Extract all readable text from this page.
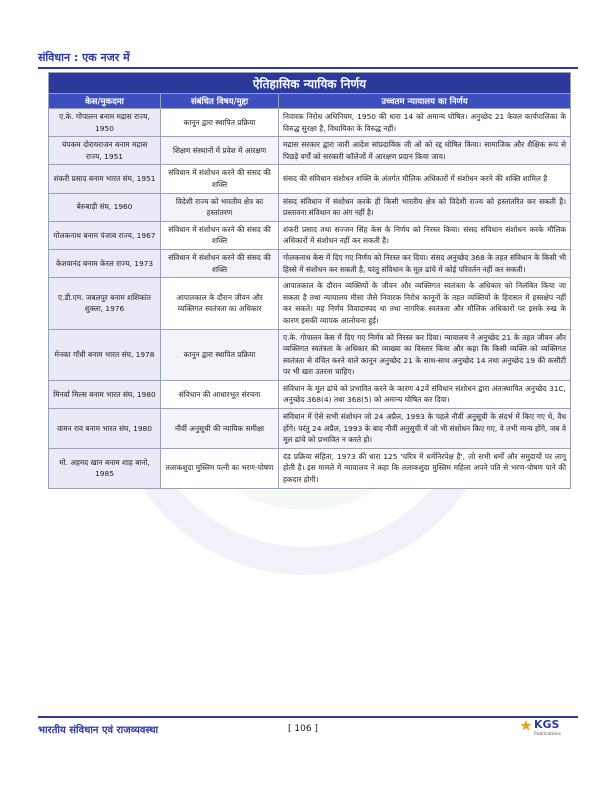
संविधान : एक नजर में
ऐतिहासिक न्यायिक निर्णय		
केस/मुकदमा	संबंधित विषय/मुद्दा	उच्चतम न्यायालय का निर्णय
ए.के. गोपालन बनाम मद्रास राज्य, 1950	कानून द्वारा स्थापित प्रक्रिया	निवारक निरोध अधिनियम, 1950 की धारा 14 को अमान्य घोषित। अनुच्छेद 21 केवल कार्यपालिका के विरुद्ध सुरक्षा है, विधायिका के विरुद्ध नहीं।
चंपकम दोरायराजन बनाम मद्रास राज्य, 1951	शिक्षण संस्थानों में प्रवेश में आरक्षण	मद्रास सरकार द्वारा जारी आदेश सांप्रदायिक जी ओ को रद्द घोषित किया। सामाजिक और शैक्षिक रूप से पिछड़े वर्गों को सरकारी कॉलेजों में आरक्षण प्रदान किया जाय।
शंकरी प्रसाद बनाम भारत संघ, 1951	संविधान में संशोधन करने की संसद की शक्ति	संसद की संविधान संशोधन शक्ति के अंतर्गत मौलिक अधिकारों में संशोधन करने की शक्ति शामिल है
बेरुबाड़ी संघ, 1960	विदेशी राज्य को भारतीय क्षेत्र का हस्तांतरण	संसद संविधान में संशोधन करके ही किसी भारतीय क्षेत्र को विदेशी राज्य को हस्तांतरित कर सकती है। प्रस्तावना संविधान का अंग नहीं है।
गोलकनाथ बनाम पंजाब राज्य, 1967	संविधान में संशोधन करने की संसद की शक्ति	शंकरी प्रसाद तथा सज्जन सिंह केस के निर्णय को निरस्त किया। संसद संविधान संशोधन करके मौलिक अधिकारों में संशोधन नहीं कर सकती है।
केशवानंद बनाम केरल राज्य, 1973	संविधान में संशोधन करने की संसद की शक्ति	गोलकनाथ केस में दिए गए निर्णय को निरस्त कर दिया। संसद अनुच्छेद 368 के तहत संविधान के किसी भी हिस्से में संशोधन कर सकती है, परंतु संविधान के मूल ढांचे में कोई परिवर्तन नहीं कर सकती।
ए.डी.एम. जबलपुर बनाम शशिकांत शुक्ला, 1976	आपातकाल के दौरान जीवन और व्यक्तिगत स्वतंत्रता का अधिकार	आपातकाल के दौरान व्यक्तियों के जीवन और व्यक्तिगत स्वतंत्रता के अधिकार को निलंबित किया जा सकता है तथा न्यायालय मीसा जैसे निवारक निरोध कानूनों के तहत व्यक्तियों के हिरासत में हस्तक्षेप नहीं कर सकते। यह निर्णय विवादास्पद था तथा नागरिक स्वतंत्रता और मौलिक अधिकारों पर इसके रुख के कारण इसकी व्यापक आलोचना हुई।
मेनका गाँधी बनाम भारत संघ, 1978	कानून द्वारा स्थापित प्रक्रिया	ए.के. गोपालन केस में दिए गए निर्णय को निरस्त कर दिया। न्यायालय ने अनुच्छेद 21 के तहत जीवन और व्यक्तिगत स्वतंत्रता के अधिकार की व्याख्या का विस्तार किया और कहा कि किसी व्यक्ति को व्यक्तिगत स्वतंत्रता से वंचित करने वाले कानून अनुच्छेद 21 के साथ-साथ अनुच्छेद 14 तथा अनुच्छेद 19 की कसौटी पर भी खरा उतरना चाहिए।
मिनर्वा मिल्स बनाम भारत संघ, 1980	संविधान की आधारभूत संरचना	संविधान के मूल ढांचे को प्रभावित करने के कारण 42वें संविधान संशोधन द्वारा अंतःस्थापित अनुच्छेद 31C, अनुच्छेद 368(4) तथा 368(5) को अमान्य घोषित कर दिया।
वामन राव बनाम भारत संघ, 1980	नौवीं अनुसूची की न्यायिक समीक्षा	संविधान में ऐसे सभी संशोधन जो 24 अप्रैल, 1993 के पहले नौवीं अनुसूची के संदर्भ में किए गए थे, वैध होंगे। परंतु 24 अप्रैल, 1993 के बाद नौवीं अनुसूची में जो भी संशोधन किए गए, वे तभी मान्य होंगे, जब वे मूल ढांचे को प्रभावित न करते हो।
मो. अहमद खान बनाम शाह बानो, 1985	तलाकशुदा मुस्लिम पत्नी का भरण-पोषण	दंड प्रक्रिया संहिता, 1973 की धारा 125 'चरित्र में धर्मनिरपेक्ष है', जो सभी धर्मों और समुदायों पर लागू होती है। इस मामले में न्यायालय ने कहा कि तलाकशुदा मुस्लिम महिला अपने पति से भरण-पोषण पाने की हकदार होगी।
भारतीय संविधान एवं राजव्यवस्था	[ 106 ]	KGS
Publications
